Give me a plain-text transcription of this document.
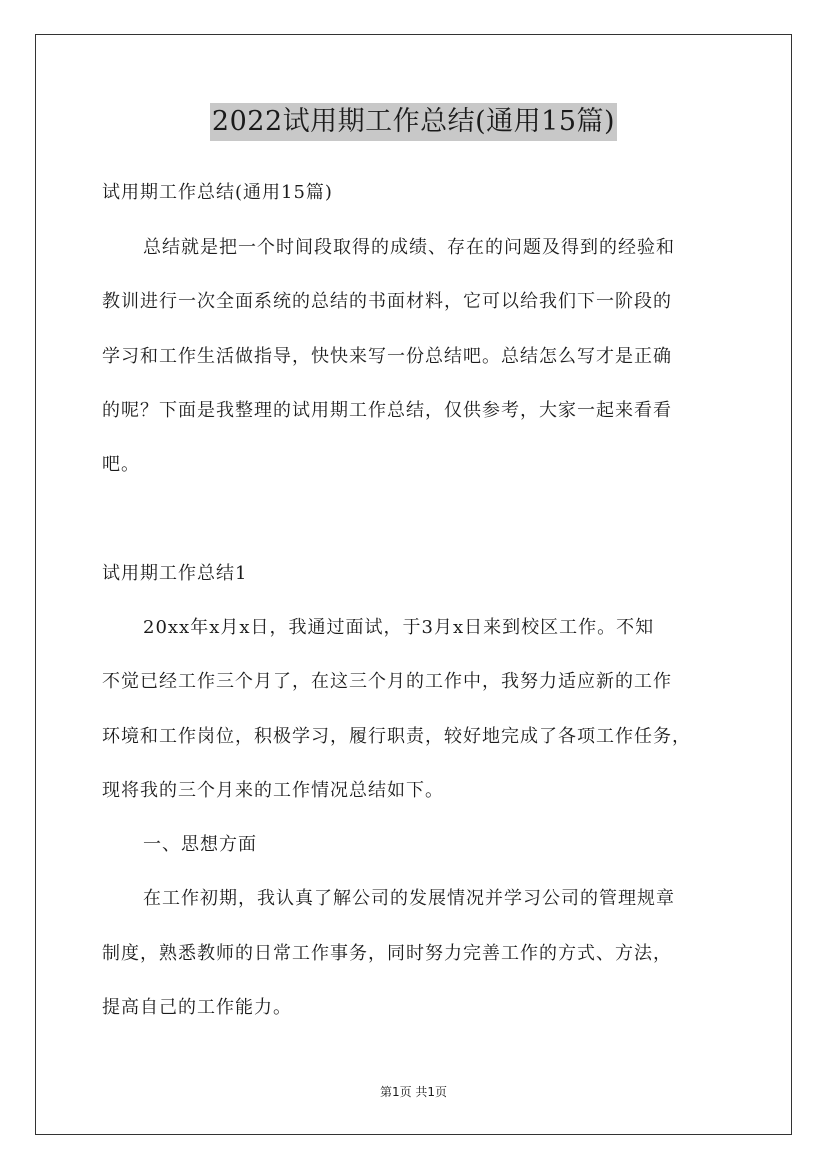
2022试用期工作总结(通用15篇)
试用期工作总结(通用15篇)
总结就是把一个时间段取得的成绩、存在的问题及得到的经验和
教训进行一次全面系统的总结的书面材料，它可以给我们下一阶段的
学习和工作生活做指导，快快来写一份总结吧。总结怎么写才是正确
的呢？下面是我整理的试用期工作总结，仅供参考，大家一起来看看
吧。
试用期工作总结1
20xx年x月x日，我通过面试，于3月x日来到校区工作。不知
不觉已经工作三个月了，在这三个月的工作中，我努力适应新的工作
环境和工作岗位，积极学习，履行职责，较好地完成了各项工作任务，
现将我的三个月来的工作情况总结如下。
一、思想方面
在工作初期，我认真了解公司的发展情况并学习公司的管理规章
制度，熟悉教师的日常工作事务，同时努力完善工作的方式、方法，
提高自己的工作能力。
第1页 共1页
